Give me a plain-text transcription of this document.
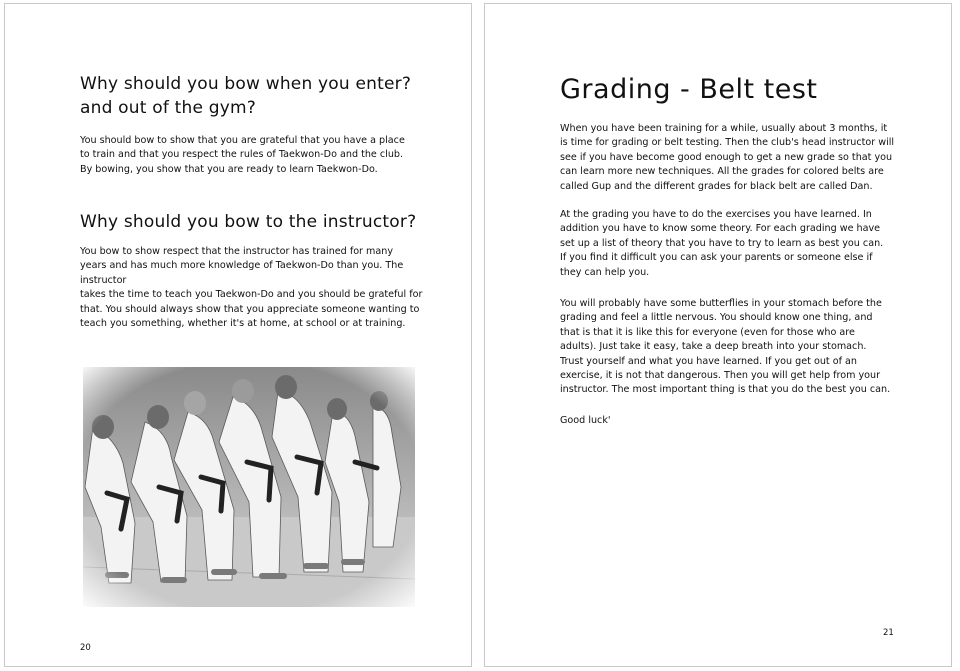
Why should you bow when you enter?
and out of the gym?

You should bow to show that you are grateful that you have a place
to train and that you respect the rules of Taekwon-Do and the club.
By bowing, you show that you are ready to learn Taekwon-Do.

Why should you bow to the instructor?

You bow to show respect that the instructor has trained for many
years and has much more knowledge of Taekwon-Do than you. The
instructor
takes the time to teach you Taekwon-Do and you should be grateful for
that. You should always show that you appreciate someone wanting to
teach you something, whether it's at home, at school or at training.

20
Grading - Belt test

When you have been training for a while, usually about 3 months, it
is time for grading or belt testing. Then the club's head instructor will
see if you have become good enough to get a new grade so that you
can learn more new techniques. All the grades for colored belts are
called Gup and the different grades for black belt are called Dan.

At the grading you have to do the exercises you have learned. In
addition you have to know some theory. For each grading we have
set up a list of theory that you have to try to learn as best you can.
If you find it difficult you can ask your parents or someone else if
they can help you.

You will probably have some butterflies in your stomach before the
grading and feel a little nervous. You should know one thing, and
that is that it is like this for everyone (even for those who are
adults). Just take it easy, take a deep breath into your stomach.
Trust yourself and what you have learned. If you get out of an
exercise, it is not that dangerous. Then you will get help from your
instructor. The most important thing is that you do the best you can.

Good luck'

21
